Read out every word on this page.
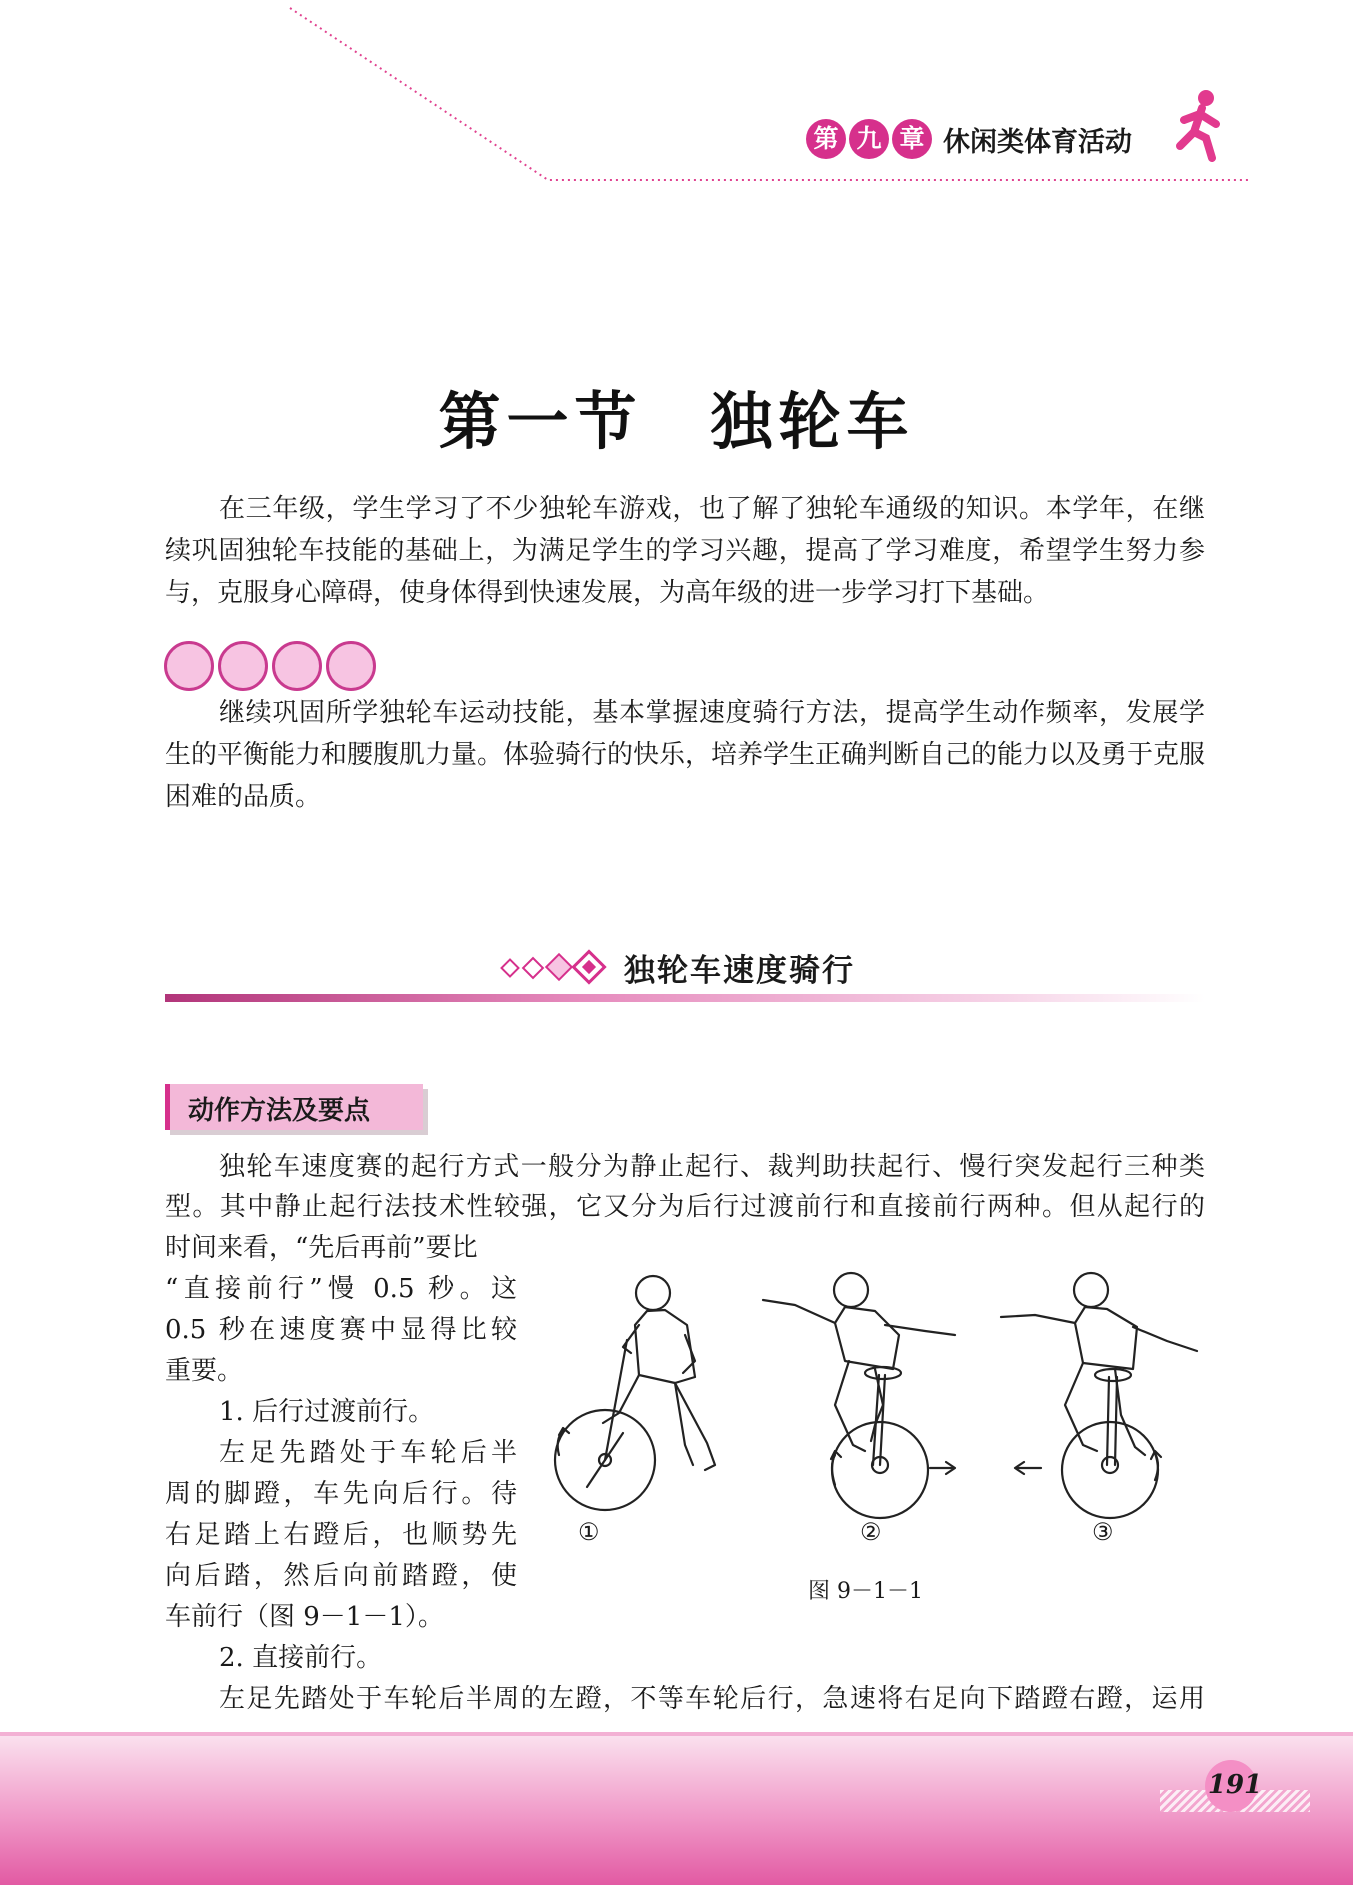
第 九 章 休闲类体育活动
第一节　独轮车

在三年级，学生学习了不少独轮车游戏，也了解了独轮车通级的知识。本学年，在继续巩固独轮车技能的基础上，为满足学生的学习兴趣，提高了学习难度，希望学生努力参与，克服身心障碍，使身体得到快速发展，为高年级的进一步学习打下基础。

继续巩固所学独轮车运动技能，基本掌握速度骑行方法，提高学生动作频率，发展学生的平衡能力和腰腹肌力量。体验骑行的快乐，培养学生正确判断自己的能力以及勇于克服困难的品质。

独轮车速度骑行
动作方法及要点
独轮车速度赛的起行方式一般分为静止起行、裁判助扶起行、慢行突发起行三种类
型。其中静止起行法技术性较强，它又分为后行过渡前行和直接前行两种。但从起行的
时间来看，“先后再前”要比
“直接前行”慢 0.5 秒。这
0.5 秒在速度赛中显得比较
重要。
1. 后行过渡前行。
左足先踏处于车轮后半
周的脚蹬，车先向后行。待
右足踏上右蹬后，也顺势先
向后踏，然后向前踏蹬，使
车前行（图 9－1－1）。
2. 直接前行。
左足先踏处于车轮后半周的左蹬，不等车轮后行，急速将右足向下踏蹬右蹬，运用
①	②	③
图 9－1－1
191
